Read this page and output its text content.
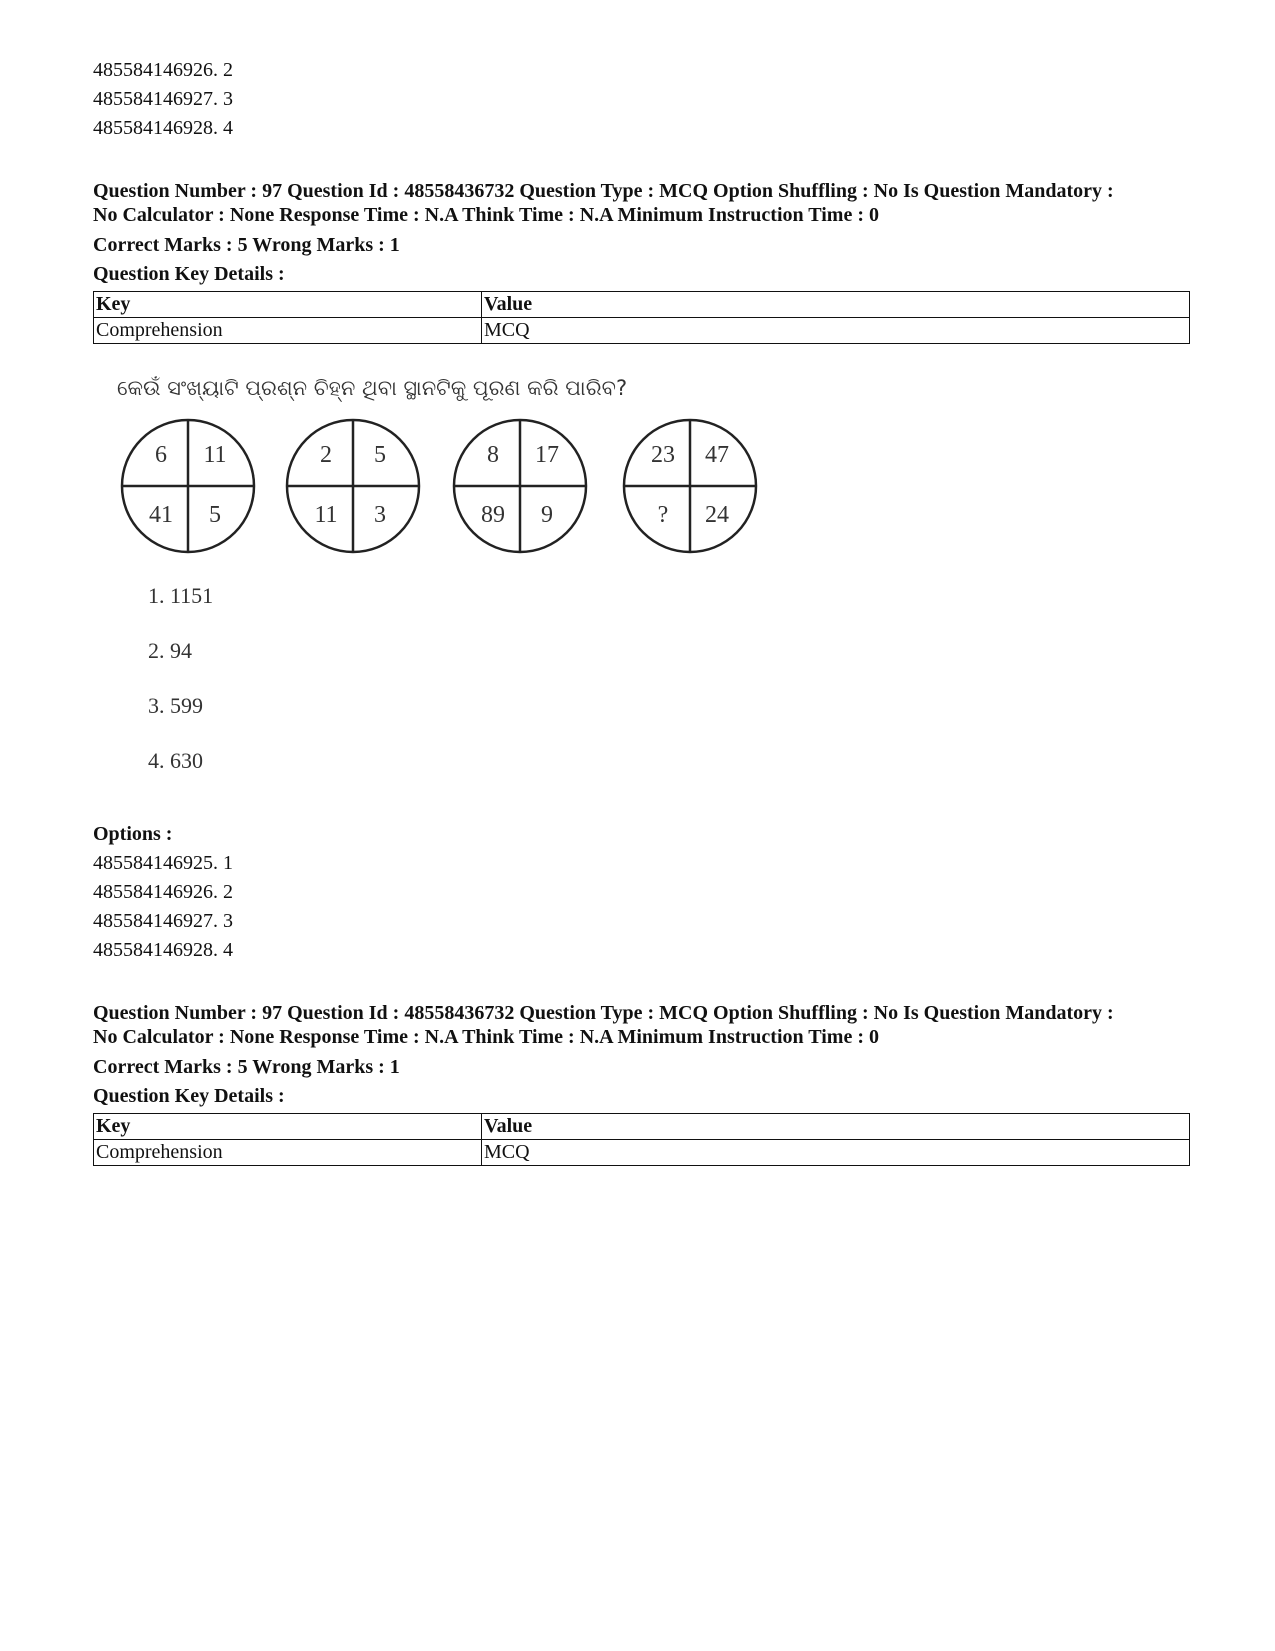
485584146926. 2
485584146927. 3
485584146928. 4
Question Number : 97 Question Id : 48558436732 Question Type : MCQ Option Shuffling : No Is Question Mandatory :
No Calculator : None Response Time : N.A Think Time : N.A Minimum Instruction Time : 0
Correct Marks : 5 Wrong Marks : 1
Question Key Details :
Key	Value
Comprehension	MCQ
କେଉଁ ସଂଖ୍ୟାଟି ପ୍ରଶ୍ନ ଚିହ୍ନ ଥିବା ସ୍ଥାନଟିକୁ ପୂରଣ କରି ପାରିବ?
6 11
41 5
2 5
11 3
8 17
89 9
23 47
? 24
1. 1151
2. 94
3. 599
4. 630
Options :
485584146925. 1
485584146926. 2
485584146927. 3
485584146928. 4
Question Number : 97 Question Id : 48558436732 Question Type : MCQ Option Shuffling : No Is Question Mandatory :
No Calculator : None Response Time : N.A Think Time : N.A Minimum Instruction Time : 0
Correct Marks : 5 Wrong Marks : 1
Question Key Details :
Key	Value
Comprehension	MCQ
